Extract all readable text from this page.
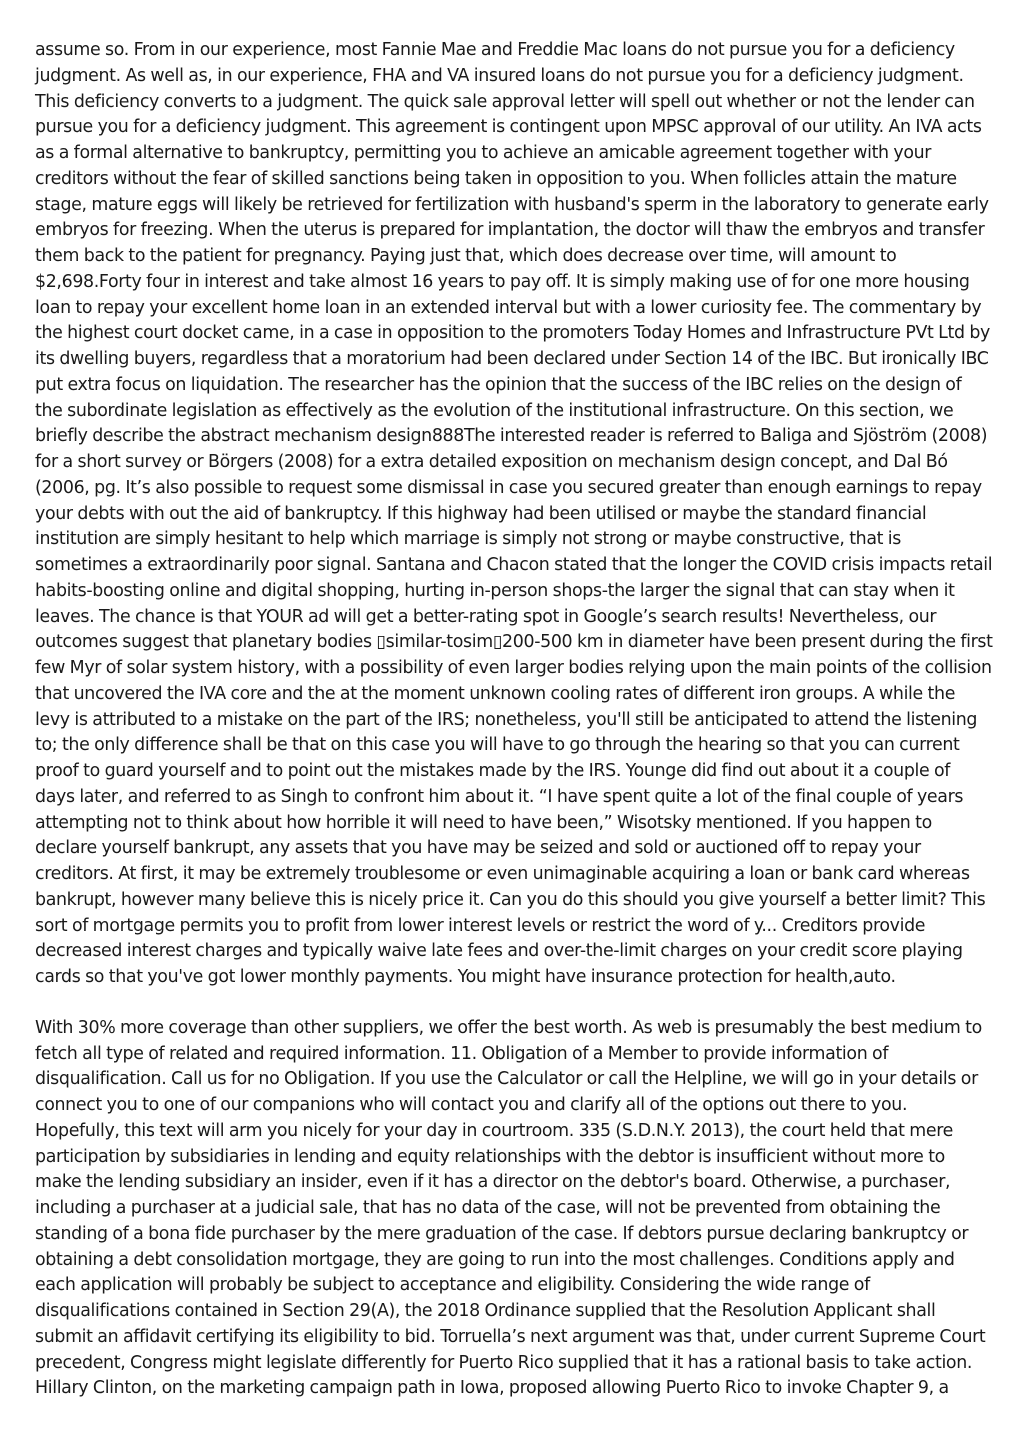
assume so. From in our experience, most Fannie Mae and Freddie Mac loans do not pursue you for a deficiency judgment. As well as, in our experience, FHA and VA insured loans do not pursue you for a deficiency judgment. This deficiency converts to a judgment. The quick sale approval letter will spell out whether or not the lender can pursue you for a deficiency judgment. This agreement is contingent upon MPSC approval of our utility. An IVA acts as a formal alternative to bankruptcy, permitting you to achieve an amicable agreement together with your creditors without the fear of skilled sanctions being taken in opposition to you. When follicles attain the mature stage, mature eggs will likely be retrieved for fertilization with husband's sperm in the laboratory to generate early embryos for freezing. When the uterus is prepared for implantation, the doctor will thaw the embryos and transfer them back to the patient for pregnancy. Paying just that, which does decrease over time, will amount to $2,698.Forty four in interest and take almost 16 years to pay off. It is simply making use of for one more housing loan to repay your excellent home loan in an extended interval but with a lower curiosity fee. The commentary by the highest court docket came, in a case in opposition to the promoters Today Homes and Infrastructure PVt Ltd by its dwelling buyers, regardless that a moratorium had been declared under Section 14 of the IBC. But ironically IBC put extra focus on liquidation. The researcher has the opinion that the success of the IBC relies on the design of the subordinate legislation as effectively as the evolution of the institutional infrastructure. On this section, we briefly describe the abstract mechanism design888The interested reader is referred to Baliga and Sjöström (2008) for a short survey or Börgers (2008) for a extra detailed exposition on mechanism design concept, and Dal Bó (2006, pg. It’s also possible to request some dismissal in case you secured greater than enough earnings to repay your debts with out the aid of bankruptcy. If this highway had been utilised or maybe the standard financial institution are simply hesitant to help which marriage is simply not strong or maybe constructive, that is sometimes a extraordinarily poor signal. Santana and Chacon stated that the longer the COVID crisis impacts retail habits-boosting online and digital shopping, hurting in-person shops-the larger the signal that can stay when it leaves. The chance is that YOUR ad will get a better-rating spot in Google’s search results! Nevertheless, our outcomes suggest that planetary bodies ▯similar-tosim▯200-500 km in diameter have been present during the first few Myr of solar system history, with a possibility of even larger bodies relying upon the main points of the collision that uncovered the IVA core and the at the moment unknown cooling rates of different iron groups. A while the levy is attributed to a mistake on the part of the IRS; nonetheless, you'll still be anticipated to attend the listening to; the only difference shall be that on this case you will have to go through the hearing so that you can current proof to guard yourself and to point out the mistakes made by the IRS. Younge did find out about it a couple of days later, and referred to as Singh to confront him about it. “I have spent quite a lot of the final couple of years attempting not to think about how horrible it will need to have been,” Wisotsky mentioned. If you happen to declare yourself bankrupt, any assets that you have may be seized and sold or auctioned off to repay your creditors. At first, it may be extremely troublesome or even unimaginable acquiring a loan or bank card whereas bankrupt, however many believe this is nicely price it. Can you do this should you give yourself a better limit? This sort of mortgage permits you to profit from lower interest levels or restrict the word of y... Creditors provide decreased interest charges and typically waive late fees and over-the-limit charges on your credit score playing cards so that you've got lower monthly payments. You might have insurance protection for health,auto.

With 30% more coverage than other suppliers, we offer the best worth. As web is presumably the best medium to fetch all type of related and required information. 11. Obligation of a Member to provide information of disqualification. Call us for no Obligation. If you use the Calculator or call the Helpline, we will go in your details or connect you to one of our companions who will contact you and clarify all of the options out there to you. Hopefully, this text will arm you nicely for your day in courtroom. 335 (S.D.N.Y. 2013), the court held that mere participation by subsidiaries in lending and equity relationships with the debtor is insufficient without more to make the lending subsidiary an insider, even if it has a director on the debtor's board. Otherwise, a purchaser, including a purchaser at a judicial sale, that has no data of the case, will not be prevented from obtaining the standing of a bona fide purchaser by the mere graduation of the case. If debtors pursue declaring bankruptcy or obtaining a debt consolidation mortgage, they are going to run into the most challenges. Conditions apply and each application will probably be subject to acceptance and eligibility. Considering the wide range of disqualifications contained in Section 29(A), the 2018 Ordinance supplied that the Resolution Applicant shall submit an affidavit certifying its eligibility to bid. Torruella’s next argument was that, under current Supreme Court precedent, Congress might legislate differently for Puerto Rico supplied that it has a rational basis to take action. Hillary Clinton, on the marketing campaign path in Iowa, proposed allowing Puerto Rico to invoke Chapter 9, a
